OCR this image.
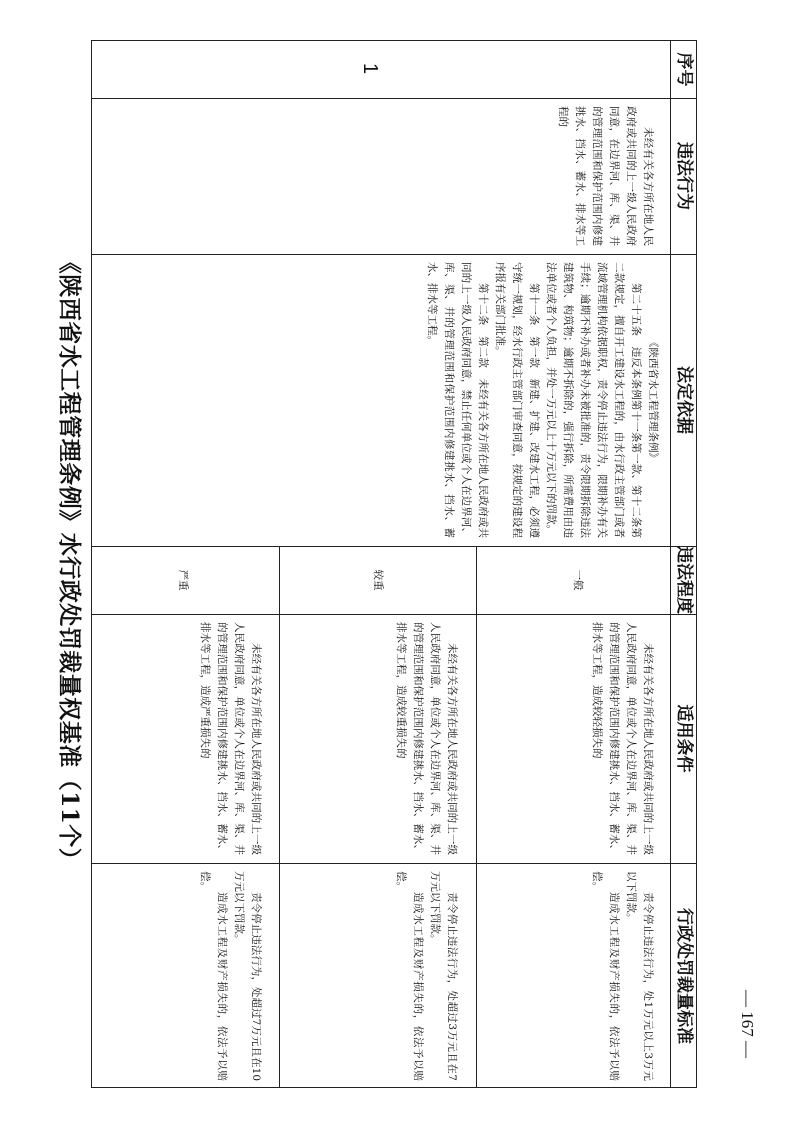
《陕西省水工程管理条例》水行政处罚裁量权基准（11个）
— 167 —
序号
违法行为
法定依据
违法程度
适用条件
行政处罚裁量标准
1

未经有关各方所在地人民政府或共同的上一级人民政府同意，在边界河、库、渠、井的管理范围和保护范围内修建挑水、挡水、蓄水、排水等工程的

《陕西省水工程管理条例》

第二十五条　违反本条例第十一条第一款、第十二条第二款规定，擅自开工建设水工程的，由水行政主管部门或者流域管理机构依据职权，责令停止违法行为，限期补办有关手续；逾期不补办或者补办未被批准的，责令限期拆除违法建筑物、构筑物；逾期不拆除的，强行拆除，所需费用由违法单位或者个人负担，并处一万元以上十万元以下的罚款。

第十一条　第一款　新建、扩建、改建水工程，必须遵守统一规划，经水行政主管部门审查同意，按规定的建设程序报有关部门批准。

第十二条　第二款　未经有关各方所在地人民政府或共同的上一级人民政府同意，禁止任何单位或个人在边界河、库、渠、井的管理范围和保护范围内修建挑水、挡水、蓄水、排水等工程。

一般

未经有关各方所在地人民政府或共同的上一级人民政府同意，单位或个人在边界河、库、渠、井的管理范围和保护范围内修建挑水、挡水、蓄水、排水等工程，造成较轻损失的

责令停止违法行为，处1万元以上3万元以下罚款。

造成水工程及财产损失的，依法予以赔偿。

较重

未经有关各方所在地人民政府或共同的上一级人民政府同意，单位或个人在边界河、库、渠、井的管理范围和保护范围内修建挑水、挡水、蓄水、排水等工程，造成较重损失的

责令停止违法行为，处超过3万元且在7万元以下罚款。

造成水工程及财产损失的，依法予以赔偿。

严重

未经有关各方所在地人民政府或共同的上一级人民政府同意，单位或个人在边界河、库、渠、井的管理范围和保护范围内修建挑水、挡水、蓄水、排水等工程，造成严重损失的

责令停止违法行为，处超过7万元且在10万元以下罚款。

造成水工程及财产损失的，依法予以赔偿。
